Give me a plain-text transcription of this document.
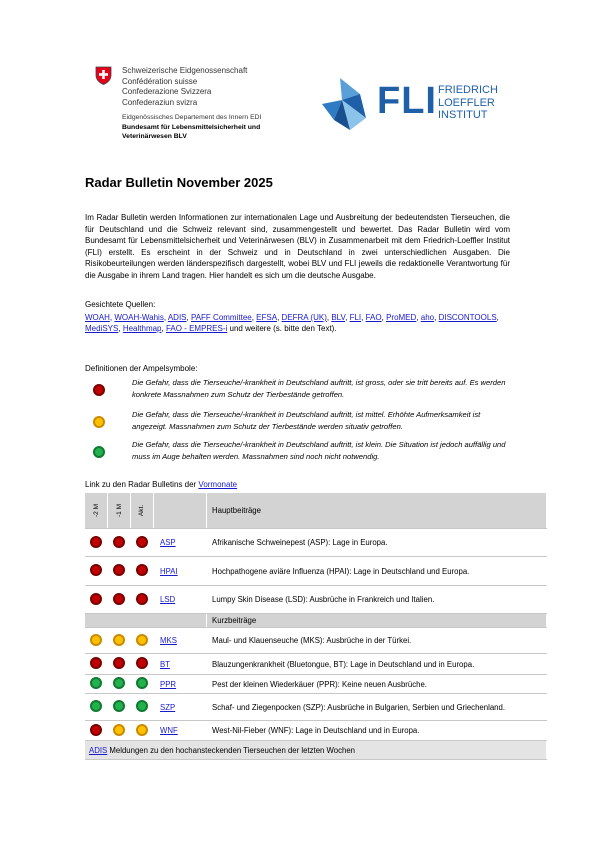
Schweizerische Eidgenossenschaft
Confédération suisse
Confederazione Svizzera
Confederaziun svizra
Eidgenössisches Departement des Innern EDI
Bundesamt für Lebensmittelsicherheit und
Veterinärwesen BLV
FLI FRIEDRICH
LOEFFLER
INSTITUT
Radar Bulletin November 2025
Im Radar Bulletin werden Informationen zur internationalen Lage und Ausbreitung der bedeutendsten Tierseuchen, die für Deutschland und die Schweiz relevant sind, zusammengestellt und bewertet. Das Radar Bulletin wird vom Bundesamt für Lebensmittelsicherheit und Veterinärwesen (BLV) in Zusammenarbeit mit dem Friedrich-Loeffler Institut (FLI) erstellt. Es erscheint in der Schweiz und in Deutschland in zwei unterschiedlichen Ausgaben. Die Risikobeurteilungen werden länderspezifisch dargestellt, wobei BLV und FLI jeweils die redaktionelle Verantwortung für die Ausgabe in ihrem Land tragen. Hier handelt es sich um die deutsche Ausgabe.
Gesichtete Quellen:
WOAH, WOAH-Wahis, ADIS, PAFF Committee, EFSA, DEFRA (UK), BLV, FLI, FAO, ProMED, aho, DISCONTOOLS, MediSYS, Healthmap, FAO - EMPRES-i und weitere (s. bitte den Text).
Definitionen der Ampelsymbole:
Die Gefahr, dass die Tierseuche/-krankheit in Deutschland auftritt, ist gross, oder sie tritt bereits auf. Es werden konkrete Massnahmen zum Schutz der Tierbestände getroffen.
Die Gefahr, dass die Tierseuche/-krankheit in Deutschland auftritt, ist mittel. Erhöhte Aufmerksamkeit ist angezeigt. Massnahmen zum Schutz der Tierbestände werden situativ getroffen.
Die Gefahr, dass die Tierseuche/-krankheit in Deutschland auftritt, ist klein. Die Situation ist jedoch auffällig und muss im Auge behalten werden. Massnahmen sind noch nicht notwendig.
Link zu den Radar Bulletins der Vormonate
-2 M	-1 M	Akt.		Hauptbeiträge
			ASP	Afrikanische Schweinepest (ASP): Lage in Europa.
			HPAI	Hochpathogene aviäre Influenza (HPAI): Lage in Deutschland und Europa.
			LSD	Lumpy Skin Disease (LSD): Ausbrüche in Frankreich und Italien.
				Kurzbeiträge
			MKS	Maul- und Klauenseuche (MKS): Ausbrüche in der Türkei.
			BT	Blauzungenkrankheit (Bluetongue, BT): Lage in Deutschland und in Europa.
			PPR	Pest der kleinen Wiederkäuer (PPR): Keine neuen Ausbrüche.
			SZP	Schaf- und Ziegenpocken (SZP): Ausbrüche in Bulgarien, Serbien und Griechenland.
			WNF	West-Nil-Fieber (WNF): Lage in Deutschland und in Europa.
ADIS Meldungen zu den hochansteckenden Tierseuchen der letzten Wochen				
